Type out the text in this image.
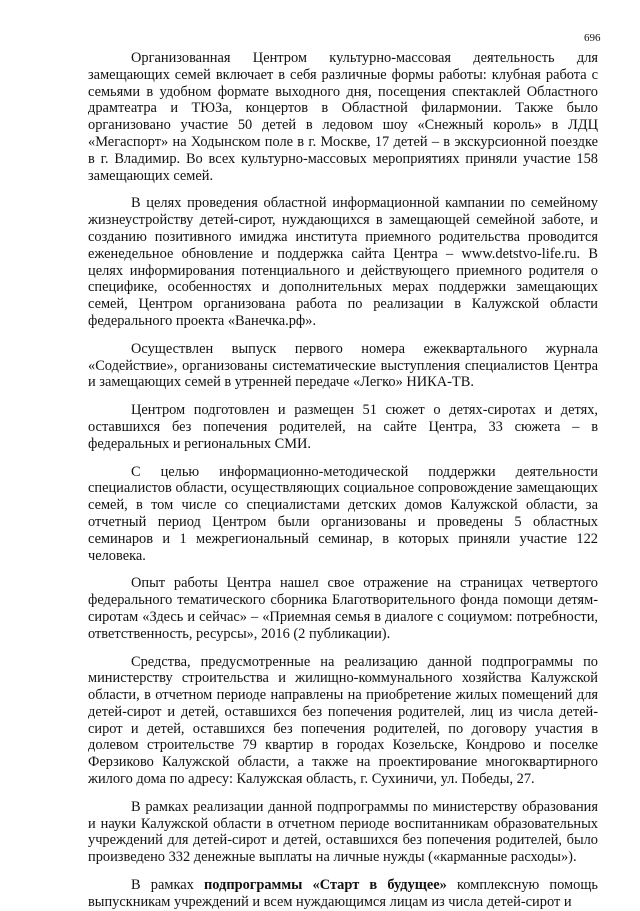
696

Организованная Центром культурно-массовая деятельность для замещающих семей включает в себя различные формы работы: клубная работа с семьями в удобном формате выходного дня, посещения спектаклей Областного драмтеатра и ТЮЗа, концертов в Областной филармонии. Также было организовано участие 50 детей в ледовом шоу «Снежный король» в ЛДЦ «Мегаспорт» на Ходынском поле в г. Москве, 17 детей – в экскурсионной поездке в г. Владимир. Во всех культурно-массовых мероприятиях приняли участие 158 замещающих семей.

В целях проведения областной информационной кампании по семейному жизнеустройству детей-сирот, нуждающихся в замещающей семейной заботе, и созданию позитивного имиджа института приемного родительства проводится еженедельное обновление и поддержка сайта Центра – www.detstvo-life.ru. В целях информирования потенциального и действующего приемного родителя о специфике, особенностях и дополнительных мерах поддержки замещающих семей, Центром организована работа по реализации в Калужской области федерального проекта «Ванечка.рф».

Осуществлен выпуск первого номера ежеквартального журнала «Содействие», организованы систематические выступления специалистов Центра и замещающих семей в утренней передаче «Легко» НИКА-ТВ.

Центром подготовлен и размещен 51 сюжет о детях-сиротах и детях, оставшихся без попечения родителей, на сайте Центра, 33 сюжета – в федеральных и региональных СМИ.

С целью информационно-методической поддержки деятельности специалистов области, осуществляющих социальное сопровождение замещающих семей, в том числе со специалистами детских домов Калужской области, за отчетный период Центром были организованы и проведены 5 областных семинаров и 1 межрегиональный семинар, в которых приняли участие 122 человека.

Опыт работы Центра нашел свое отражение на страницах четвертого федерального тематического сборника Благотворительного фонда помощи детям-сиротам «Здесь и сейчас» – «Приемная семья в диалоге с социумом: потребности, ответственность, ресурсы», 2016 (2 публикации).

Средства, предусмотренные на реализацию данной подпрограммы по министерству строительства и жилищно-коммунального хозяйства Калужской области, в отчетном периоде направлены на приобретение жилых помещений для детей-сирот и детей, оставшихся без попечения родителей, лиц из числа детей-сирот и детей, оставшихся без попечения родителей, по договору участия в долевом строительстве 79 квартир в городах Козельске, Кондрово и поселке Ферзиково Калужской области, а также на проектирование многоквартирного жилого дома по адресу: Калужская область, г. Сухиничи, ул. Победы, 27.

В рамках реализации данной подпрограммы по министерству образования и науки Калужской области в отчетном периоде воспитанникам образовательных учреждений для детей-сирот и детей, оставшихся без попечения родителей, было произведено 332 денежные выплаты на личные нужды («карманные расходы»).

В рамках подпрограммы «Старт в будущее» комплексную помощь выпускникам учреждений и всем нуждающимся лицам из числа детей-сирот и
